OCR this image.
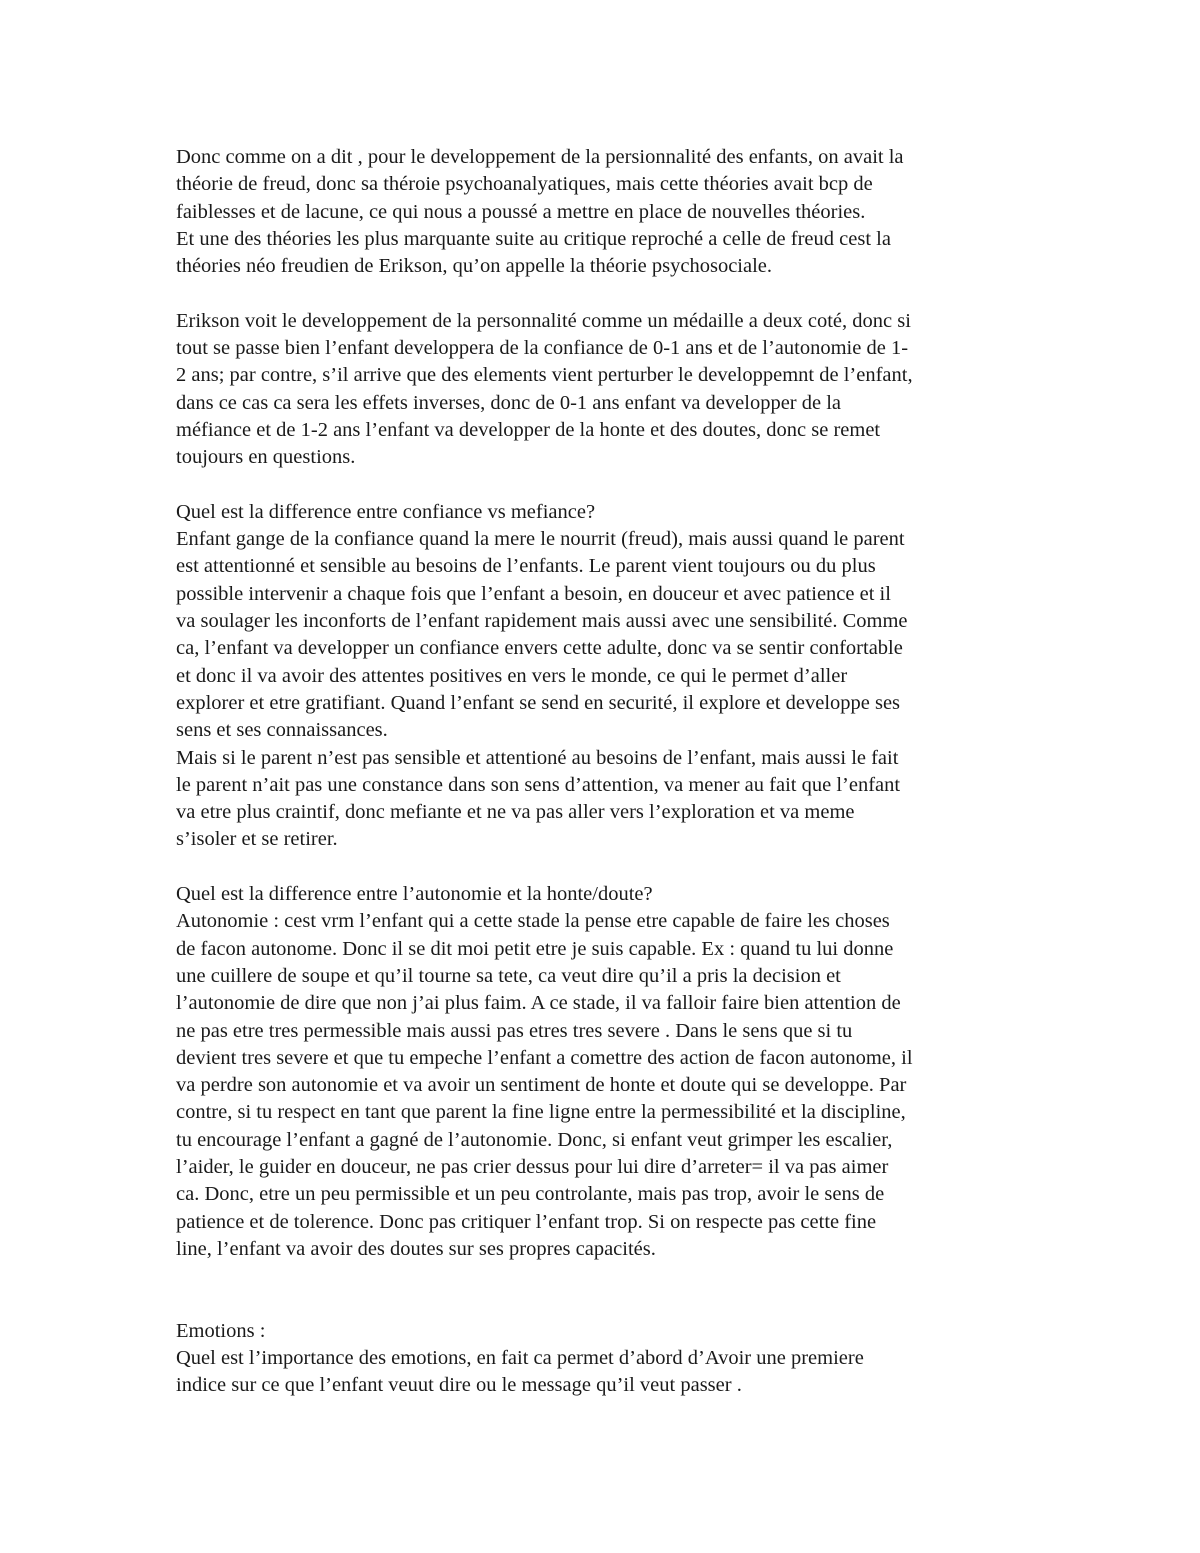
Donc comme on a dit , pour le developpement de la persionnalité des enfants, on avait la
théorie de freud, donc sa théroie psychoanalyatiques, mais cette théories avait bcp de
faiblesses et de lacune, ce qui nous a poussé a mettre en place de nouvelles théories.
Et une des théories les plus marquante suite au critique reproché a celle de freud cest la
théories néo freudien de Erikson, qu’on appelle la théorie psychosociale.
Erikson voit le developpement de la personnalité comme un médaille a deux coté, donc si
tout se passe bien l’enfant developpera de la confiance de 0-1 ans et de l’autonomie de 1-
2 ans; par contre, s’il arrive que des elements vient perturber le developpemnt de l’enfant,
dans ce cas ca sera les effets inverses, donc de 0-1 ans enfant va developper de la
méfiance et de 1-2 ans l’enfant va developper de la honte et des doutes, donc se remet
toujours en questions.
Quel est la difference entre confiance vs mefiance?
Enfant gange de la confiance quand la mere le nourrit (freud), mais aussi quand le parent
est attentionné et sensible au besoins de l’enfants. Le parent vient toujours ou du plus
possible intervenir a chaque fois que l’enfant a besoin, en douceur et avec patience et il
va soulager les inconforts de l’enfant rapidement mais aussi avec une sensibilité. Comme
ca, l’enfant va developper un confiance envers cette adulte, donc va se sentir confortable
et donc il va avoir des attentes positives en vers le monde, ce qui le permet d’aller
explorer et etre gratifiant. Quand l’enfant se send en securité, il explore et developpe ses
sens et ses connaissances.
Mais si le parent n’est pas sensible et attentioné au besoins de l’enfant, mais aussi le fait
le parent n’ait pas une constance dans son sens d’attention, va mener au fait que l’enfant
va etre plus craintif, donc mefiante et ne va pas aller vers l’exploration et va meme
s’isoler et se retirer.
Quel est la difference entre l’autonomie et la honte/doute?
Autonomie : cest vrm l’enfant qui a cette stade la pense etre capable de faire les choses
de facon autonome. Donc il se dit moi petit etre je suis capable. Ex : quand tu lui donne
une cuillere de soupe et qu’il tourne sa tete, ca veut dire qu’il a pris la decision et
l’autonomie de dire que non j’ai plus faim. A ce stade, il va falloir faire bien attention de
ne pas etre tres permessible mais aussi pas etres tres severe . Dans le sens que si tu
devient tres severe et que tu empeche l’enfant a comettre des action de facon autonome, il
va perdre son autonomie et va avoir un sentiment de honte et doute qui se developpe. Par
contre, si tu respect en tant que parent la fine ligne entre la permessibilité et la discipline,
tu encourage l’enfant a gagné de l’autonomie. Donc, si enfant veut grimper les escalier,
l’aider, le guider en douceur, ne pas crier dessus pour lui dire d’arreter= il va pas aimer
ca. Donc, etre un peu permissible et un peu controlante, mais pas trop, avoir le sens de
patience et de tolerence. Donc pas critiquer l’enfant trop. Si on respecte pas cette fine
line, l’enfant va avoir des doutes sur ses propres capacités.
Emotions :
Quel est l’importance des emotions, en fait ca permet d’abord d’Avoir une premiere
indice sur ce que l’enfant veuut dire ou le message qu’il veut passer .
